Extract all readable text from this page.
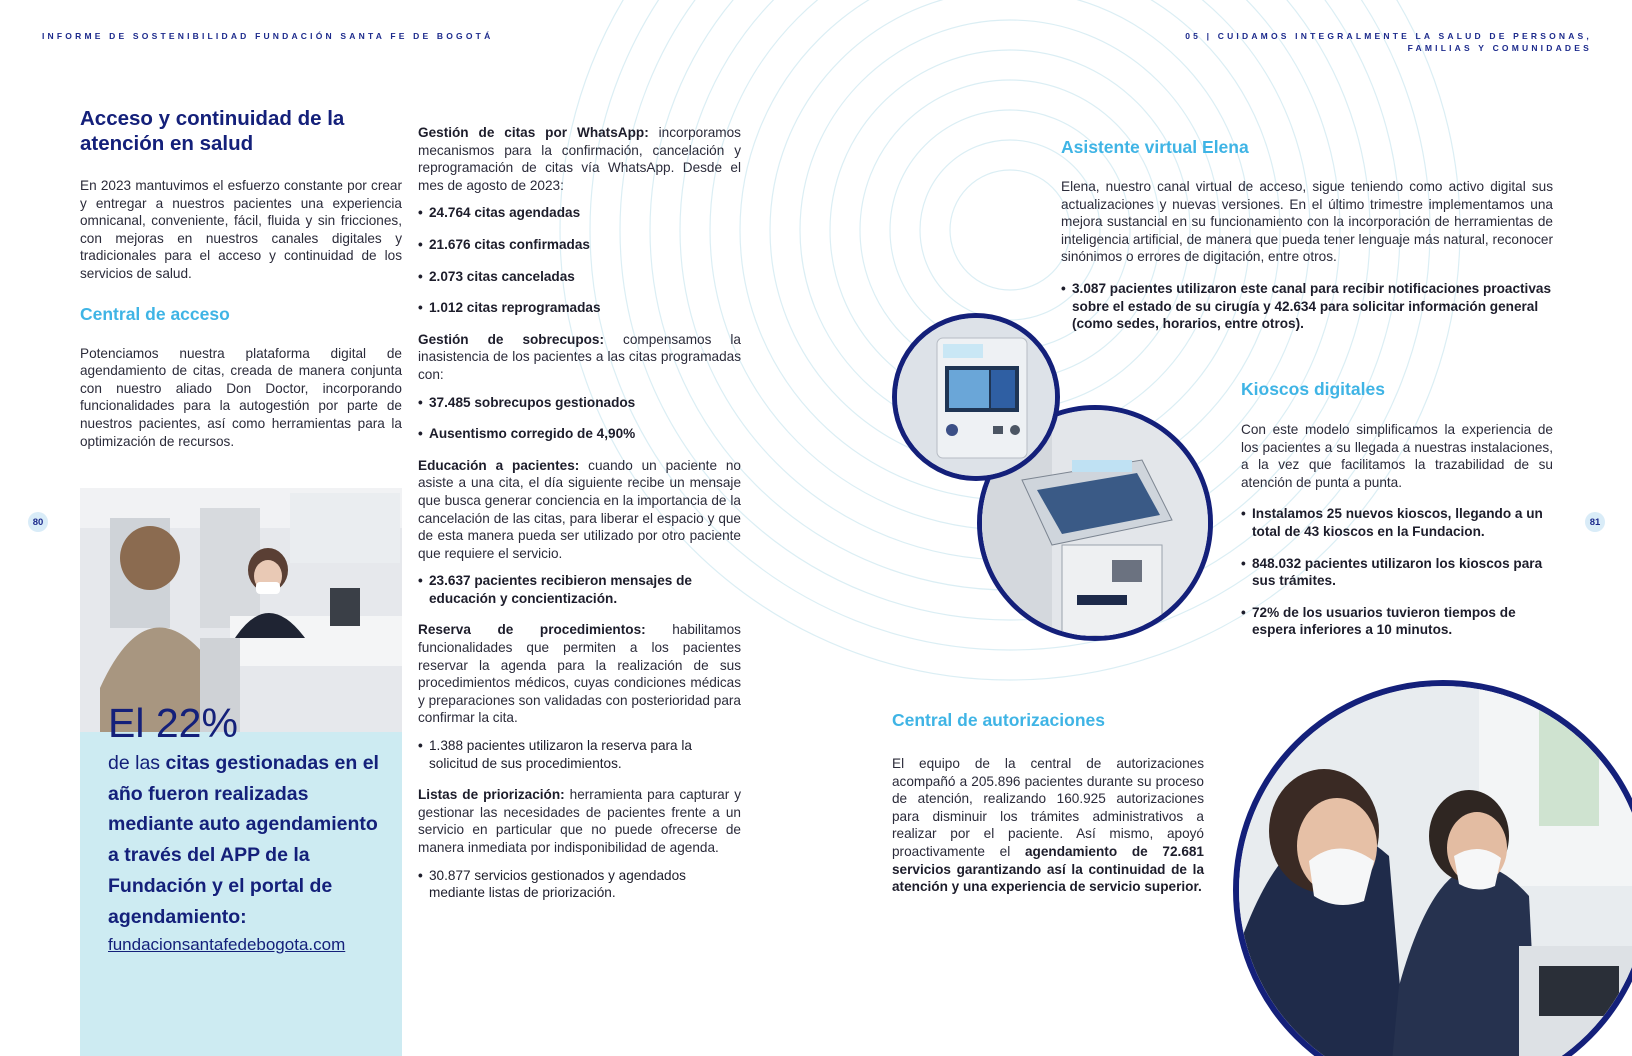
INFORME DE SOSTENIBILIDAD FUNDACIÓN SANTA FE DE BOGOTÁ	05 | CUIDAMOS INTEGRALMENTE LA SALUD DE PERSONAS,
FAMILIAS Y COMUNIDADES
80	81
Acceso y continuidad de la atención en salud

En 2023 mantuvimos el esfuerzo constante por crear y entregar a nuestros pacientes una experiencia omnicanal, conveniente, fácil, fluida y sin fricciones, con mejoras en nuestros canales digitales y tradicionales para el acceso y continuidad de los servicios de salud.

Central de acceso

Potenciamos nuestra plataforma digital de agendamiento de citas, creada de manera conjunta con nuestro aliado Don Doctor, incorporando funcionalidades para la autogestión por parte de nuestros pacientes, así como herramientas para la optimización de recursos.

El 22%
de las citas gestionadas en el año fueron realizadas mediante auto agendamiento a través del APP de la Fundación y el portal de agendamiento:
fundacionsantafedebogota.com

Gestión de citas por WhatsApp: incorporamos mecanismos para la confirmación, cancelación y reprogramación de citas vía WhatsApp. Desde el mes de agosto de 2023:

• 24.764 citas agendadas
• 21.676 citas confirmadas
• 2.073 citas canceladas
• 1.012 citas reprogramadas

Gestión de sobrecupos: compensamos la inasistencia de los pacientes a las citas programadas con:

• 37.485 sobrecupos gestionados
• Ausentismo corregido de 4,90%

Educación a pacientes: cuando un paciente no asiste a una cita, el día siguiente recibe un mensaje que busca generar conciencia en la importancia de la cancelación de las citas, para liberar el espacio y que de esta manera pueda ser utilizado por otro paciente que requiere el servicio.

• 23.637 pacientes recibieron mensajes de educación y concientización.

Reserva de procedimientos: habilitamos funcionalidades que permiten a los pacientes reservar la agenda para la realización de sus procedimientos médicos, cuyas condiciones médicas y preparaciones son validadas con posterioridad para confirmar la cita.

• 1.388 pacientes utilizaron la reserva para la solicitud de sus procedimientos.

Listas de priorización: herramienta para capturar y gestionar las necesidades de pacientes frente a un servicio en particular que no puede ofrecerse de manera inmediata por indisponibilidad de agenda.

• 30.877 servicios gestionados y agendados mediante listas de priorización.
Asistente virtual Elena

Elena, nuestro canal virtual de acceso, sigue teniendo como activo digital sus actualizaciones y nuevas versiones. En el último trimestre implementamos una mejora sustancial en su funcionamiento con la incorporación de herramientas de inteligencia artificial, de manera que pueda tener lenguaje más natural, reconocer sinónimos o errores de digitación, entre otros.

• 3.087 pacientes utilizaron este canal para recibir notificaciones proactivas sobre el estado de su cirugía y 42.634 para solicitar información general (como sedes, horarios, entre otros).
Kioscos digitales

Con este modelo simplificamos la experiencia de los pacientes a su llegada a nuestras instalaciones, a la vez que facilitamos la trazabilidad de su atención de punta a punta.

• Instalamos 25 nuevos kioscos, llegando a un total de 43 kioscos en la Fundacion.
• 848.032 pacientes utilizaron los kioscos para sus trámites.
• 72% de los usuarios tuvieron tiempos de espera inferiores a 10 minutos.
Central de autorizaciones

El equipo de la central de autorizaciones acompañó a 205.896 pacientes durante su proceso de atención, realizando 160.925 autorizaciones para disminuir los trámites administrativos a realizar por el paciente. Así mismo, apoyó proactivamente el agendamiento de 72.681 servicios garantizando así la continuidad de la atención y una experiencia de servicio superior.
